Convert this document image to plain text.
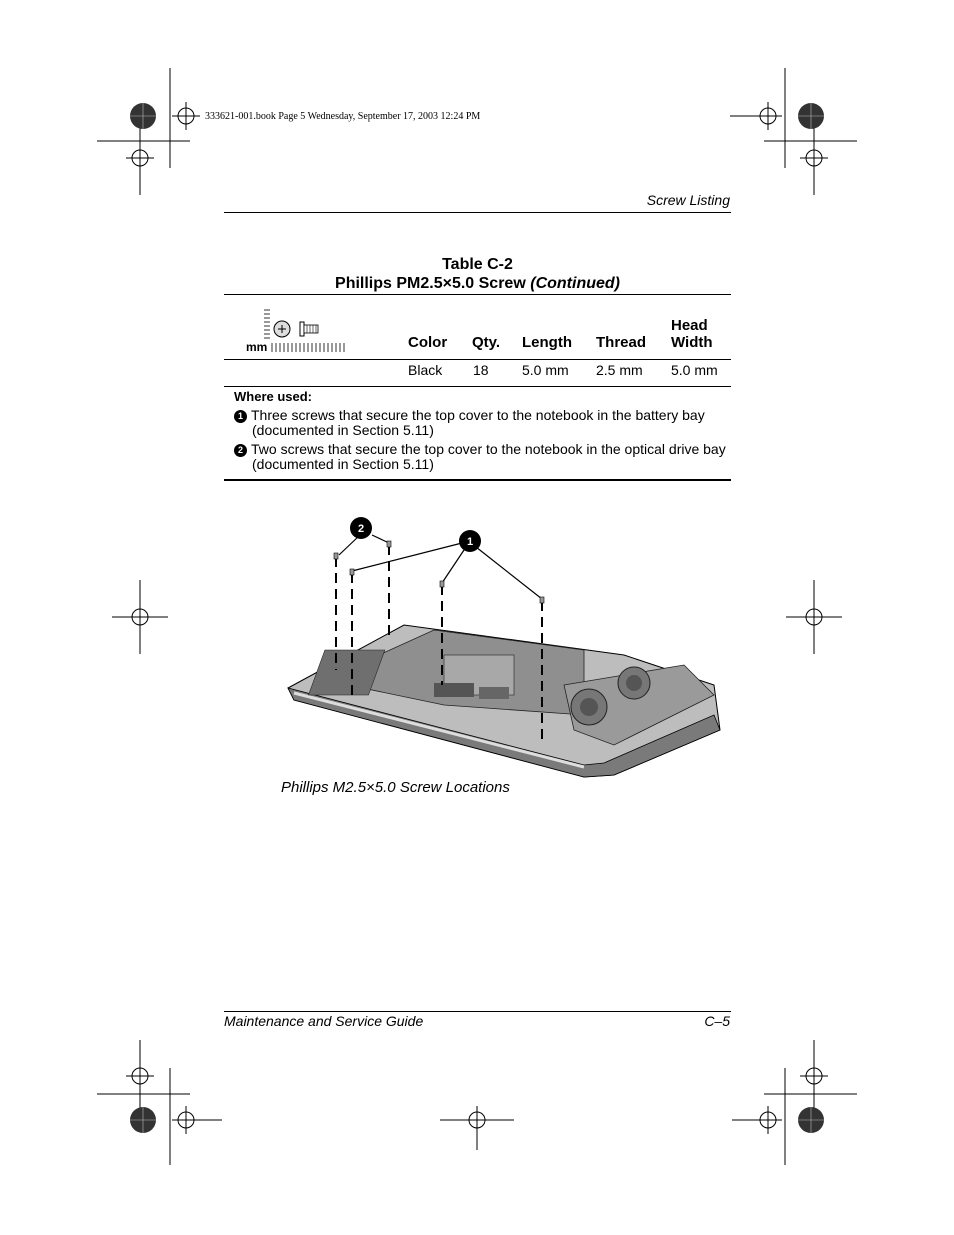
333621-001.book Page 5 Wednesday, September 17, 2003 12:24 PM
Screw Listing
Table C-2
Phillips PM2.5×5.0 Screw (Continued)
mm	Color Qty. Length Thread
Head
Width
Black 18 5.0 mm 2.5 mm 5.0 mm
Where used:
1 Three screws that secure the top cover to the notebook in the battery bay
(documented in Section 5.11)
2 Two screws that secure the top cover to the notebook in the optical drive bay
(documented in Section 5.11)
2
1
Phillips M2.5×5.0 Screw Locations
Maintenance and Service Guide	C–5
